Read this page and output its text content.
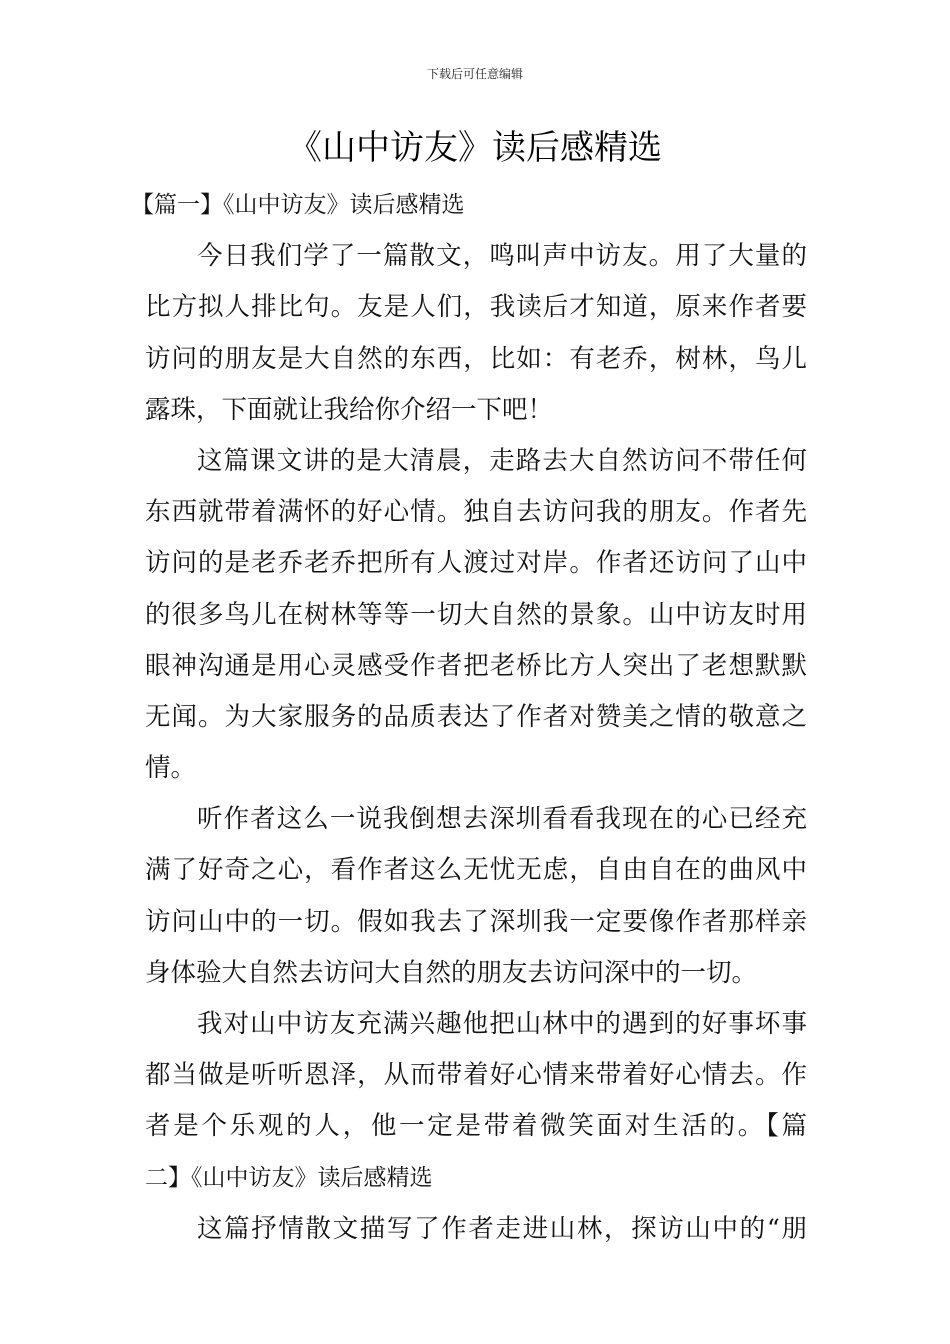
下载后可任意编辑
《山中访友》读后感精选
【篇一】《山中访友》读后感精选
今日我们学了一篇散文，鸣叫声中访友。用了大量的
比方拟人排比句。友是人们，我读后才知道，原来作者要
访问的朋友是大自然的东西，比如：有老乔，树林，鸟儿
露珠，下面就让我给你介绍一下吧！
这篇课文讲的是大清晨，走路去大自然访问不带任何
东西就带着满怀的好心情。独自去访问我的朋友。作者先
访问的是老乔老乔把所有人渡过对岸。作者还访问了山中
的很多鸟儿在树林等等一切大自然的景象。山中访友时用
眼神沟通是用心灵感受作者把老桥比方人突出了老想默默
无闻。为大家服务的品质表达了作者对赞美之情的敬意之
情。
听作者这么一说我倒想去深圳看看我现在的心已经充
满了好奇之心，看作者这么无忧无虑，自由自在的曲风中
访问山中的一切。假如我去了深圳我一定要像作者那样亲
身体验大自然去访问大自然的朋友去访问深中的一切。
我对山中访友充满兴趣他把山林中的遇到的好事坏事
都当做是听听恩泽，从而带着好心情来带着好心情去。作
者是个乐观的人，他一定是带着微笑面对生活的。【篇
二】《山中访友》读后感精选
这篇抒情散文描写了作者走进山林，探访山中的“朋
